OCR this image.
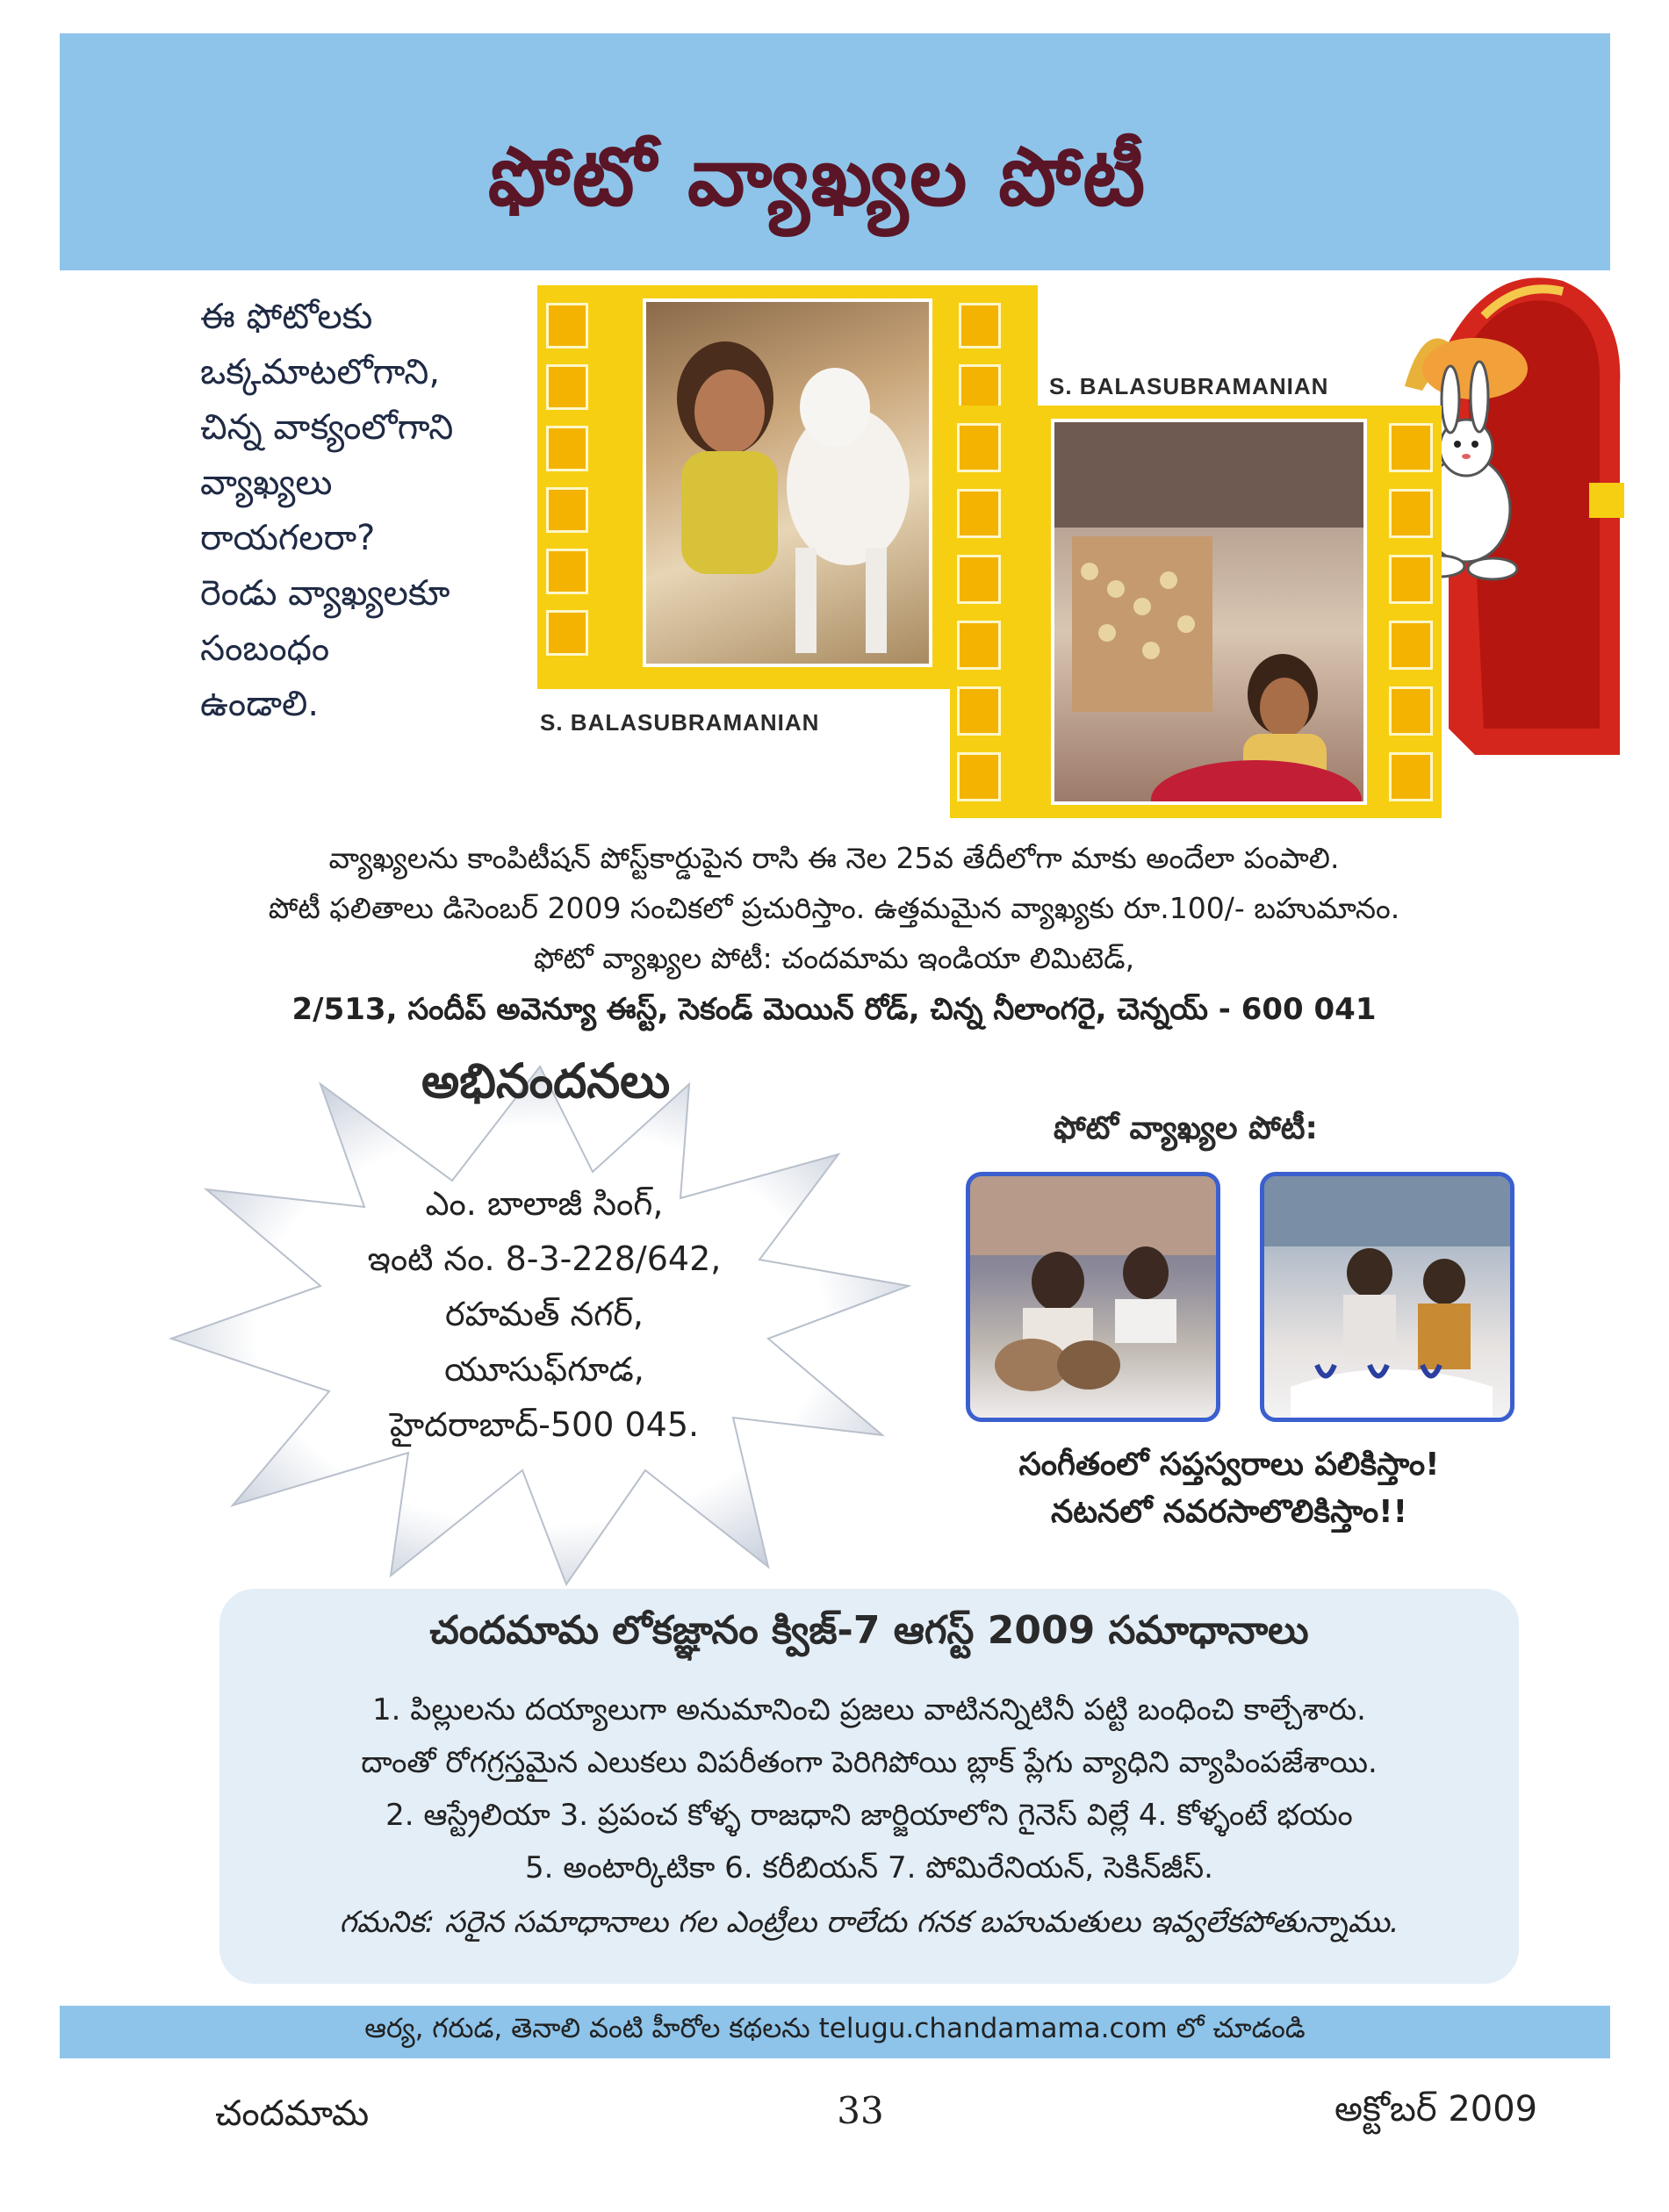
ఫోటో వ్యాఖ్యల పోటీ
ఈ ఫోటోలకు
ఒక్కమాటలోగాని,
చిన్న వాక్యంలోగాని
వ్యాఖ్యలు
రాయగలరా?
రెండు వ్యాఖ్యలకూ
సంబంధం
ఉండాలి.	S. BALASUBRAMANIAN
S. BALASUBRAMANIAN
వ్యాఖ్యలను కాంపిటీషన్ పోస్ట్‌కార్డుపైన రాసి ఈ నెల 25వ తేదీలోగా మాకు అందేలా పంపాలి.
పోటీ ఫలితాలు డిసెంబర్ 2009 సంచికలో ప్రచురిస్తాం. ఉత్తమమైన వ్యాఖ్యకు రూ.100/- బహుమానం.
ఫోటో వ్యాఖ్యల పోటీ: చందమామ ఇండియా లిమిటెడ్,
2/513, సందీప్ అవెన్యూ ఈస్ట్, సెకండ్ మెయిన్ రోడ్, చిన్న నీలాంగరై, చెన్నయ్ - 600 041
అభినందనలు
ఎం. బాలాజీ సింగ్,
ఇంటి నం. 8-3-228/642,
రహమత్ నగర్,
యూసుఫ్‌గూడ,
హైదరాబాద్-500 045.
ఫోటో వ్యాఖ్యల పోటీ:
సంగీతంలో సప్తస్వరాలు పలికిస్తాం!
నటనలో నవరసాలొలికిస్తాం!!
చందమామ లోకజ్ఞానం క్విజ్-7 ఆగస్ట్ 2009 సమాధానాలు
1. పిల్లులను దయ్యాలుగా అనుమానించి ప్రజలు వాటినన్నిటినీ పట్టి బంధించి కాల్చేశారు.
దాంతో రోగగ్రస్తమైన ఎలుకలు విపరీతంగా పెరిగిపోయి బ్లాక్ ప్లేగు వ్యాధిని వ్యాపింపజేశాయి.
2. ఆస్ట్రేలియా 3. ప్రపంచ కోళ్ళ రాజధాని జార్జియాలోని గైనెస్ విల్లే 4. కోళ్ళంటే భయం
5. అంటార్కిటికా 6. కరీబియన్ 7. పోమిరేనియన్, సెకిన్‌జీస్.
గమనిక: సరైన సమాధానాలు గల ఎంట్రీలు రాలేదు గనక బహుమతులు ఇవ్వలేకపోతున్నాము.
ఆర్య, గరుడ, తెనాలి వంటి హీరోల కథలను telugu.chandamama.com లో చూడండి
చందమామ	33	అక్టోబర్ 2009
